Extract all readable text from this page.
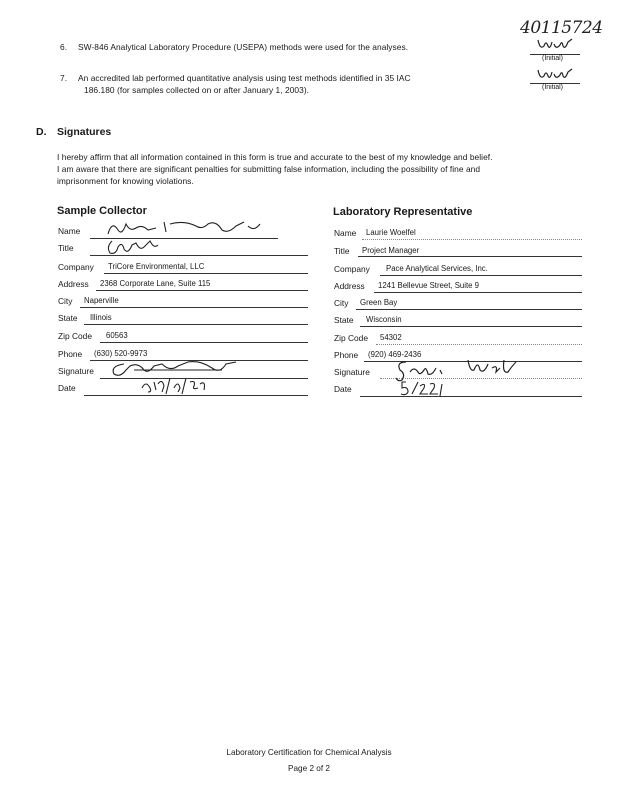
40115724
6. SW-846 Analytical Laboratory Procedure (USEPA) methods were used for the analyses.
(Initial)
7. An accredited lab performed quantitative analysis using test methods identified in 35 IAC
186.180 (for samples collected on or after January 1, 2003).	(Initial)
D. Signatures
I hereby affirm that all information contained in this form is true and accurate to the best of my knowledge and belief.
I am aware that there are significant penalties for submitting false information, including the possibility of fine and
imprisonment for knowing violations.
Sample Collector	Laboratory Representative
Name
Title
Company TriCore Environmental, LLC
Address 2368 Corporate Lane, Suite 115
City Naperville
State Illinois
Zip Code 60563
Phone (630) 520-9973
Signature
Date
Name Laurie Woelfel
Title Project Manager
Company Pace Analytical Services, Inc.
Address 1241 Bellevue Street, Suite 9
City Green Bay
State Wisconsin
Zip Code 54302
Phone (920) 469-2436
Signature
Date
Laboratory Certification for Chemical Analysis
Page 2 of 2
